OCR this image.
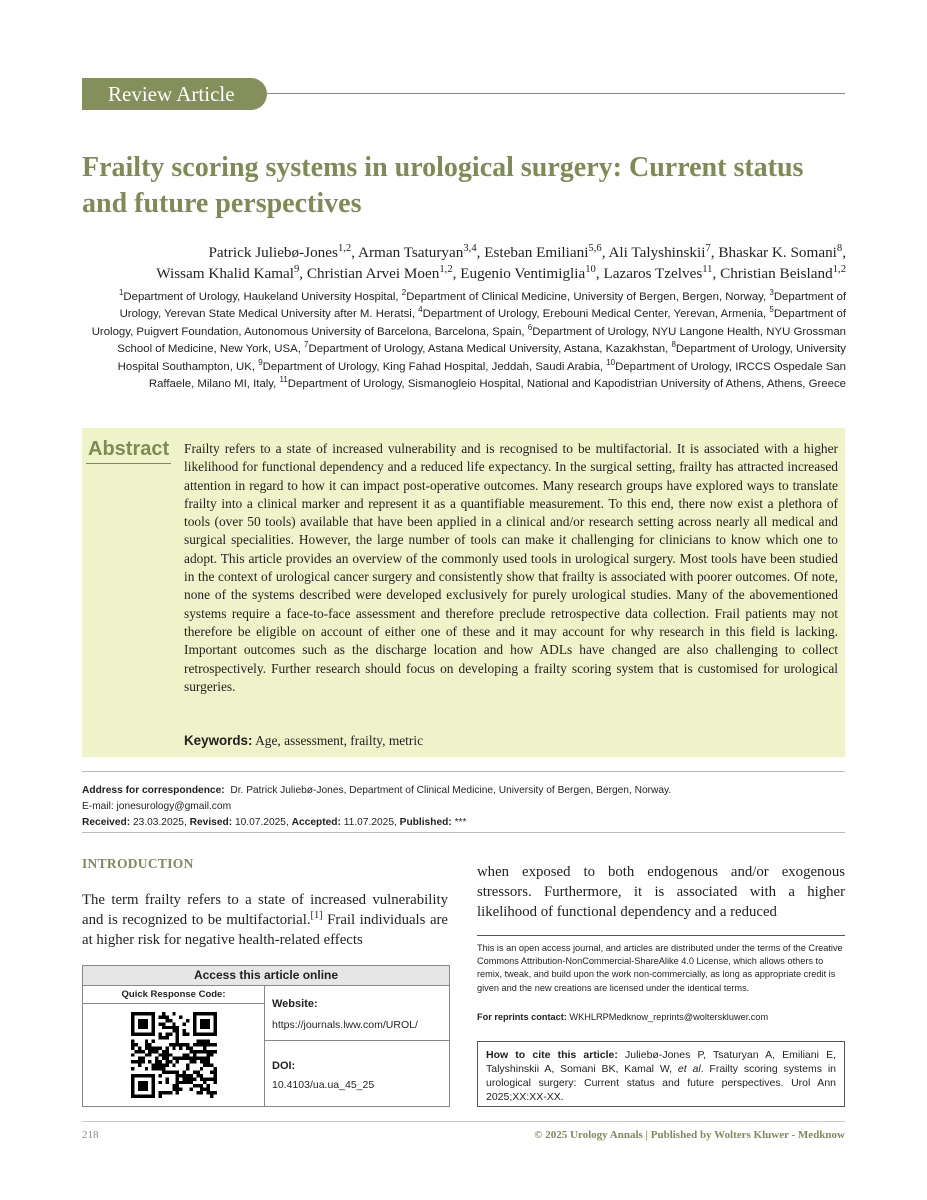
Review Article
Frailty scoring systems in urological surgery: Current status and future perspectives
Patrick Juliebø-Jones$^{1,2}$, Arman Tsaturyan$^{3,4}$, Esteban Emiliani$^{5,6}$, Ali Talyshinskii$^7$, Bhaskar K. Somani$^8$,
Wissam Khalid Kamal$^9$, Christian Arvei Moen$^{1,2}$, Eugenio Ventimiglia$^{10}$, Lazaros Tzelves$^{11}$, Christian Beisland$^{1,2}$
$^1$Department of Urology, Haukeland University Hospital, $^2$Department of Clinical Medicine, University of Bergen, Bergen, Norway, $^3$Department of Urology, Yerevan State Medical University after M. Heratsi, $^4$Department of Urology, Erebouni Medical Center, Yerevan, Armenia, $^5$Department of Urology, Puigvert Foundation, Autonomous University of Barcelona, Barcelona, Spain, $^6$Department of Urology, NYU Langone Health, NYU Grossman School of Medicine, New York, USA, $^7$Department of Urology, Astana Medical University, Astana, Kazakhstan, $^8$Department of Urology, University Hospital Southampton, UK, $^9$Department of Urology, King Fahad Hospital, Jeddah, Saudi Arabia, $^{10}$Department of Urology, IRCCS Ospedale San Raffaele, Milano MI, Italy, $^{11}$Department of Urology, Sismanogleio Hospital, National and Kapodistrian University of Athens, Athens, Greece
Abstract Frailty refers to a state of increased vulnerability and is recognised to be multifactorial. It is associated with a higher likelihood for functional dependency and a reduced life expectancy. In the surgical setting, frailty has attracted increased attention in regard to how it can impact post-operative outcomes. Many research groups have explored ways to translate frailty into a clinical marker and represent it as a quantifiable measurement. To this end, there now exist a plethora of tools (over 50 tools) available that have been applied in a clinical and/or research setting across nearly all medical and surgical specialities. However, the large number of tools can make it challenging for clinicians to know which one to adopt. This article provides an overview of the commonly used tools in urological surgery. Most tools have been studied in the context of urological cancer surgery and consistently show that frailty is associated with poorer outcomes. Of note, none of the systems described were developed exclusively for purely urological studies. Many of the abovementioned systems require a face-to-face assessment and therefore preclude retrospective data collection. Frail patients may not therefore be eligible on account of either one of these and it may account for why research in this field is lacking. Important outcomes such as the discharge location and how ADLs have changed are also challenging to collect retrospectively. Further research should focus on developing a frailty scoring system that is customised for urological surgeries.
Keywords: Age, assessment, frailty, metric
Address for correspondence: Dr. Patrick Juliebø-Jones, Department of Clinical Medicine, University of Bergen, Bergen, Norway.
E-mail: jonesurology@gmail.com
Received: 23.03.2025, Revised: 10.07.2025, Accepted: 11.07.2025, Published: ***
INTRODUCTION
The term frailty refers to a state of increased vulnerability and is recognized to be multifactorial.[1] Frail individuals are at higher risk for negative health-related effects
when exposed to both endogenous and/or exogenous stressors. Furthermore, it is associated with a higher likelihood of functional dependency and a reduced
Access this article online
Quick Response Code:
Website:
https://journals.lww.com/UROL/
DOI:
10.4103/ua.ua_45_25
This is an open access journal, and articles are distributed under the terms of the Creative Commons Attribution-NonCommercial-ShareAlike 4.0 License, which allows others to remix, tweak, and build upon the work non-commercially, as long as appropriate credit is given and the new creations are licensed under the identical terms.
For reprints contact: WKHLRPMedknow_reprints@wolterskluwer.com
How to cite this article: Juliebø-Jones P, Tsaturyan A, Emiliani E, Talyshinskii A, Somani BK, Kamal W, et al. Frailty scoring systems in urological surgery: Current status and future perspectives. Urol Ann 2025;XX:XX-XX.
218	© 2025 Urology Annals | Published by Wolters Kluwer - Medknow
